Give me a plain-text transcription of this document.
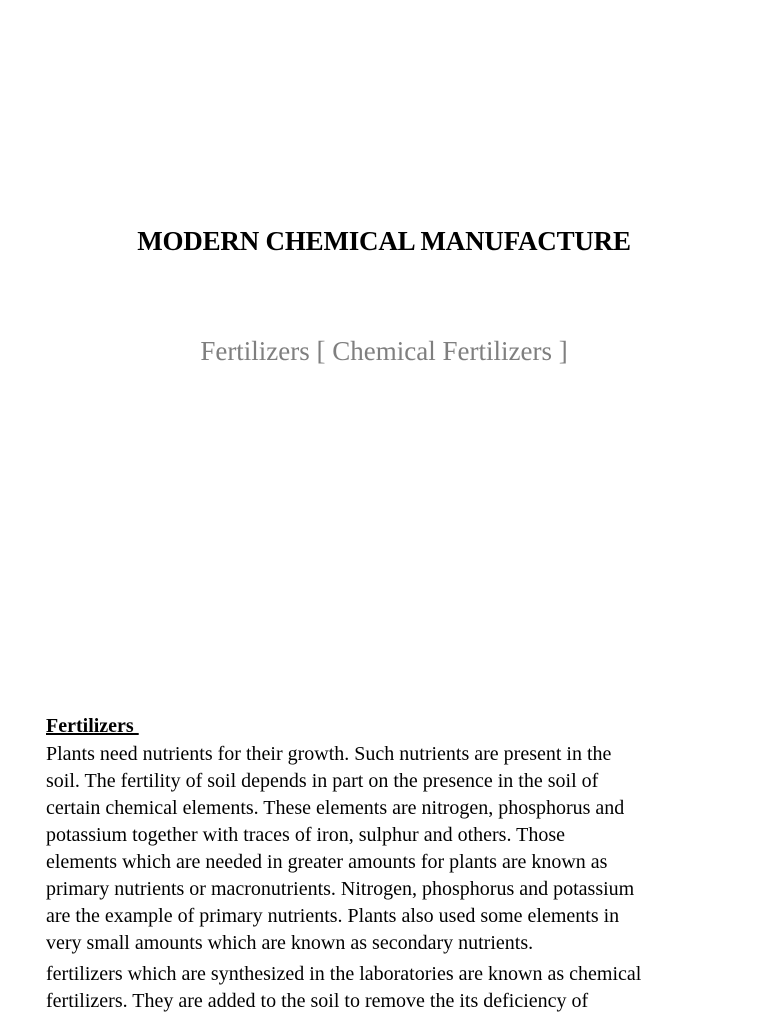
MODERN CHEMICAL MANUFACTURE
Fertilizers [ Chemical Fertilizers ]
Fertilizers

Plants need nutrients for their growth. Such nutrients are present in the
soil. The fertility of soil depends in part on the presence in the soil of
certain chemical elements. These elements are nitrogen, phosphorus and
potassium together with traces of iron, sulphur and others. Those
elements which are needed in greater amounts for plants are known as
primary nutrients or macronutrients. Nitrogen, phosphorus and potassium
are the example of primary nutrients. Plants also used some elements in
very small amounts which are known as secondary nutrients.

fertilizers which are synthesized in the laboratories are known as chemical
fertilizers. They are added to the soil to remove the its deficiency of
